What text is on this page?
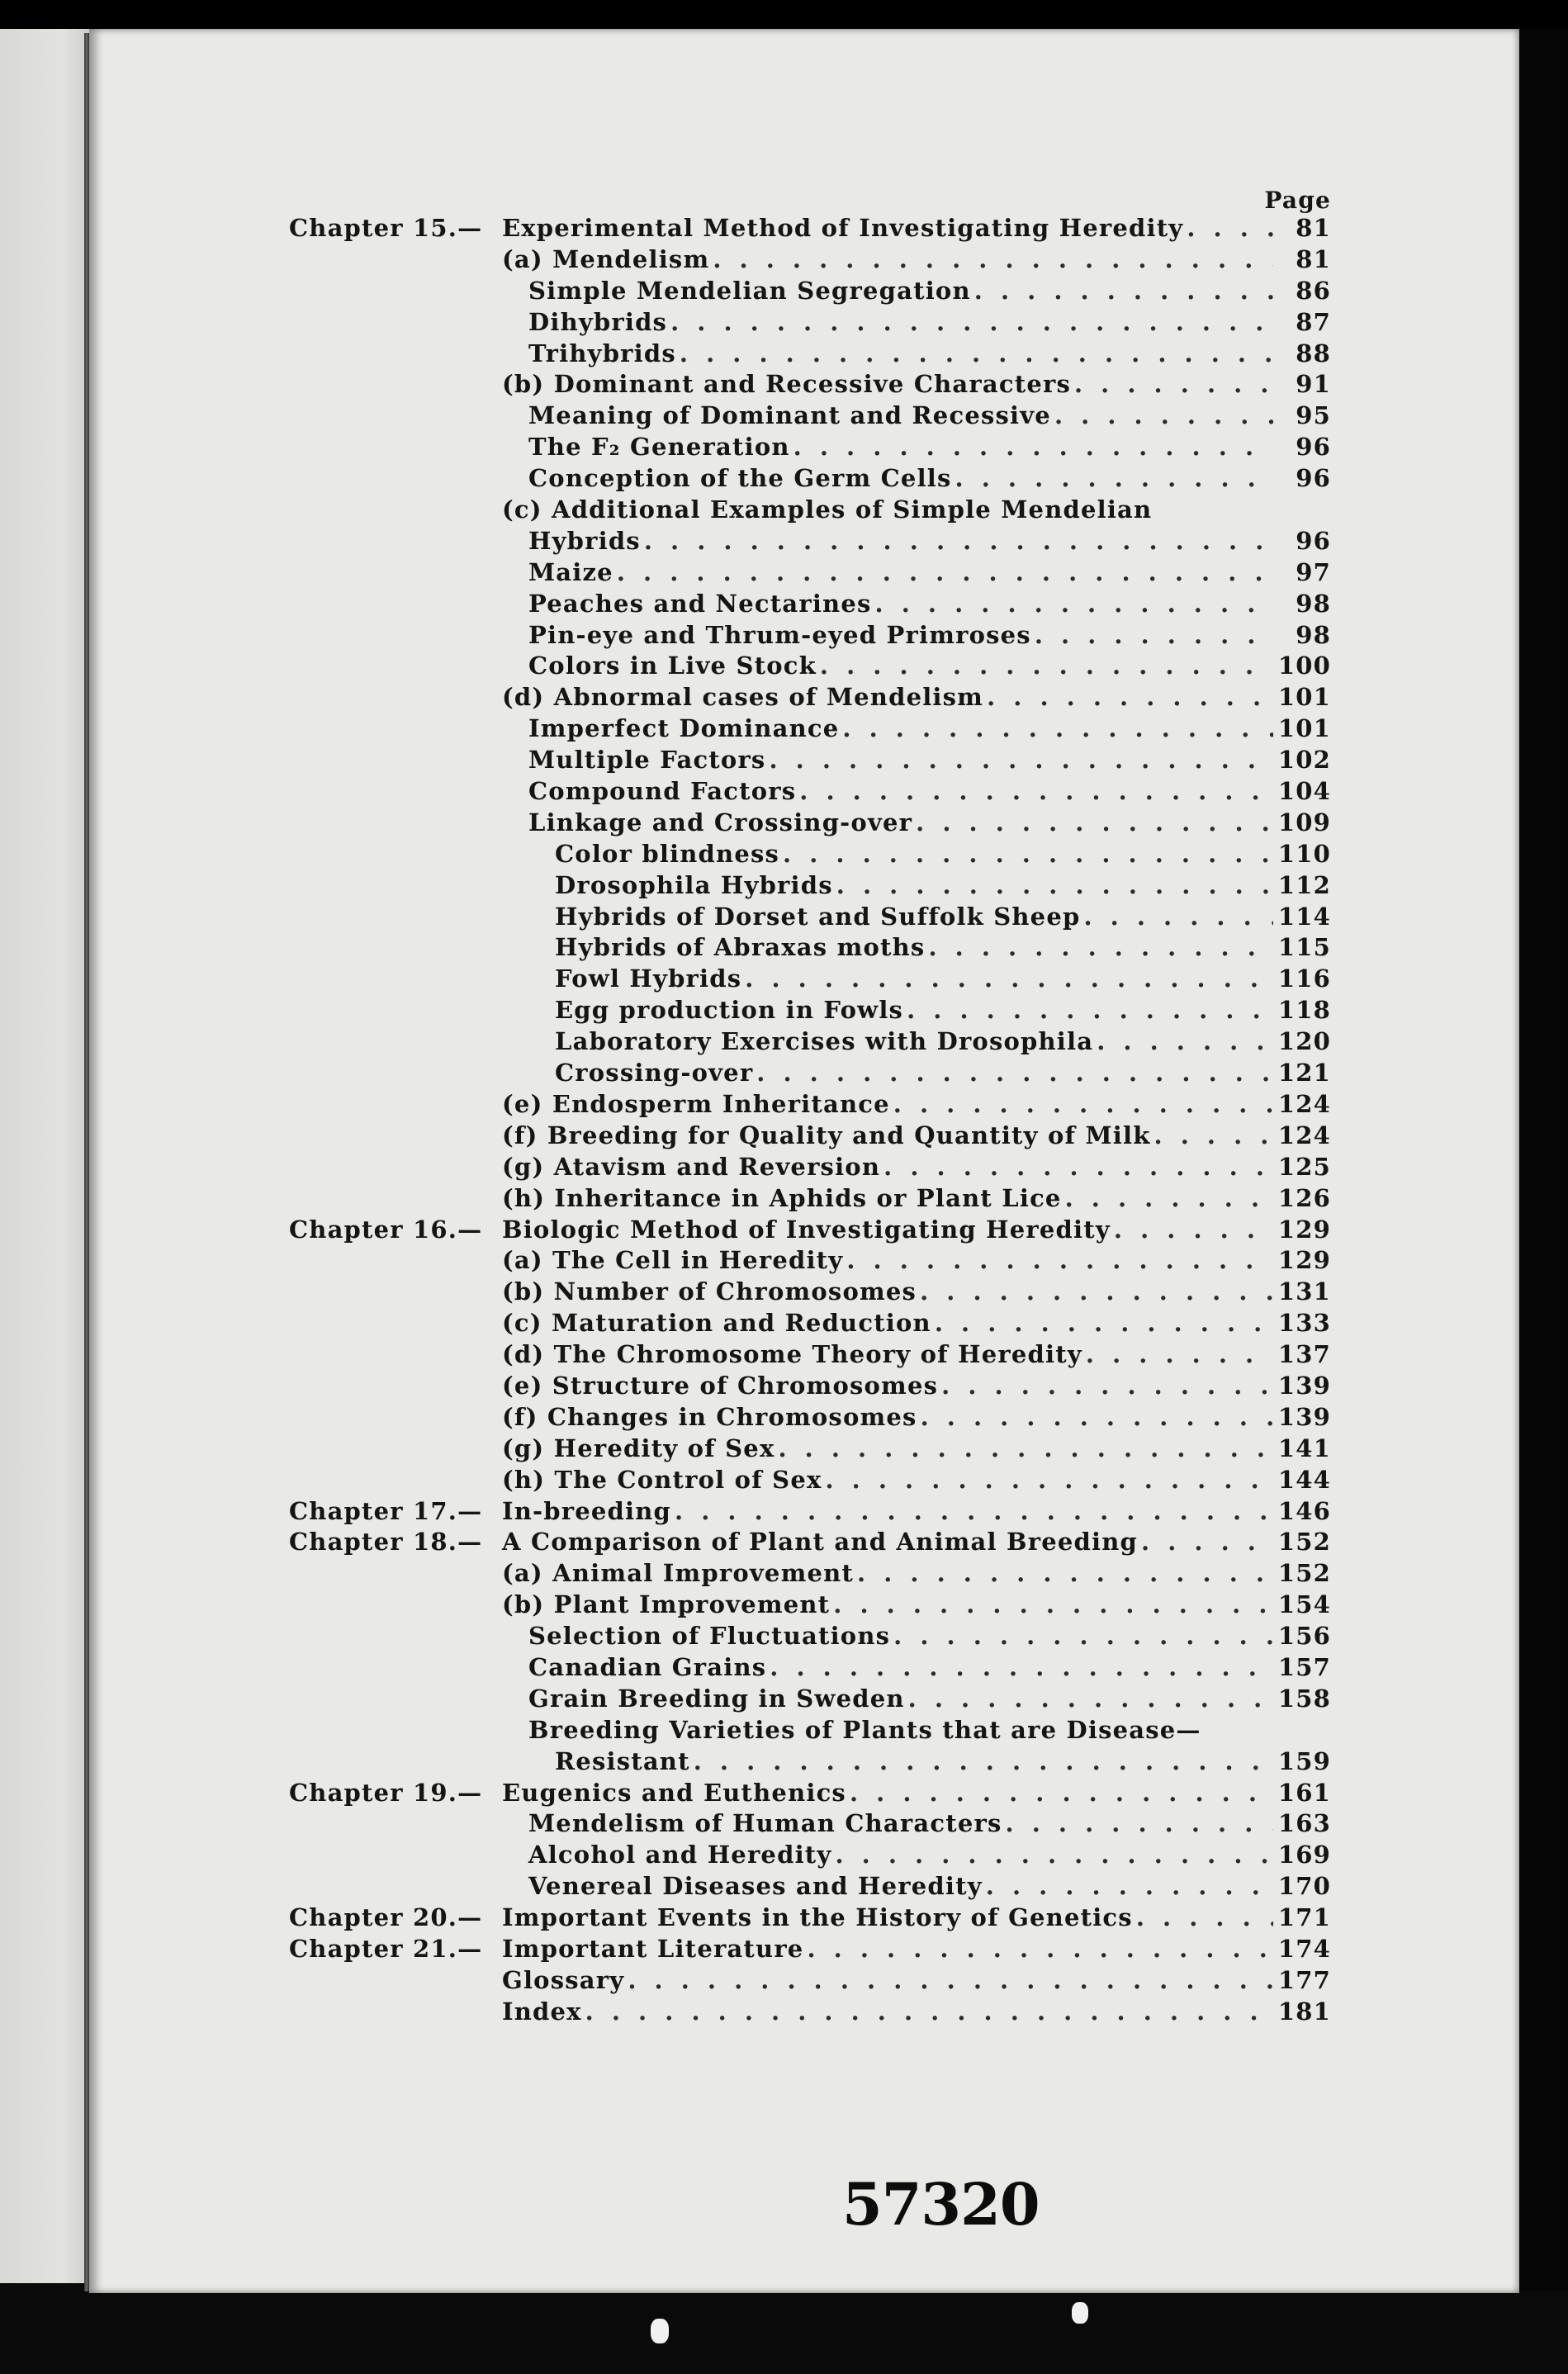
Page
Chapter 15.— Experimental Method of Investigating Heredity . . .	81
(a) Mendelism . . .	81
Simple Mendelian Segregation . . .	86
Dihybrids . . .	87
Trihybrids . . .	88
(b) Dominant and Recessive Characters . . .	91
Meaning of Dominant and Recessive . . .	95
The F₂ Generation . . .	96
Conception of the Germ Cells . . .	96
(c) Additional Examples of Simple Mendelian
Hybrids . . .	96
Maize . . .	97
Peaches and Nectarines . . .	98
Pin-eye and Thrum-eyed Primroses . . .	98
Colors in Live Stock . . .	100
(d) Abnormal cases of Mendelism . . .	101
Imperfect Dominance . . .	101
Multiple Factors . . .	102
Compound Factors . . .	104
Linkage and Crossing-over . . .	109
Color blindness . . .	110
Drosophila Hybrids . . .	112
Hybrids of Dorset and Suffolk Sheep . . .	114
Hybrids of Abraxas moths . . .	115
Fowl Hybrids . . .	116
Egg production in Fowls . . .	118
Laboratory Exercises with Drosophila . . .	120
Crossing-over . . .	121
(e) Endosperm Inheritance . . .	124
(f) Breeding for Quality and Quantity of Milk . . .	124
(g) Atavism and Reversion . . .	125
(h) Inheritance in Aphids or Plant Lice . . .	126
Chapter 16.— Biologic Method of Investigating Heredity . . .	129
(a) The Cell in Heredity . . .	129
(b) Number of Chromosomes . . .	131
(c) Maturation and Reduction . . .	133
(d) The Chromosome Theory of Heredity . . .	137
(e) Structure of Chromosomes . . .	139
(f) Changes in Chromosomes . . .	139
(g) Heredity of Sex . . .	141
(h) The Control of Sex . . .	144
Chapter 17.— In-breeding . . .	146
Chapter 18.— A Comparison of Plant and Animal Breeding . . .	152
(a) Animal Improvement . . .	152
(b) Plant Improvement . . .	154
Selection of Fluctuations . . .	156
Canadian Grains . . .	157
Grain Breeding in Sweden . . .	158
Breeding Varieties of Plants that are Disease—
Resistant . . .	159
Chapter 19.— Eugenics and Euthenics . . .	161
Mendelism of Human Characters . . .	163
Alcohol and Heredity . . .	169
Venereal Diseases and Heredity . . .	170
Chapter 20.— Important Events in the History of Genetics . . .	171
Chapter 21.— Important Literature . . .	174
Glossary . . .	177
Index . . .	181
57320
